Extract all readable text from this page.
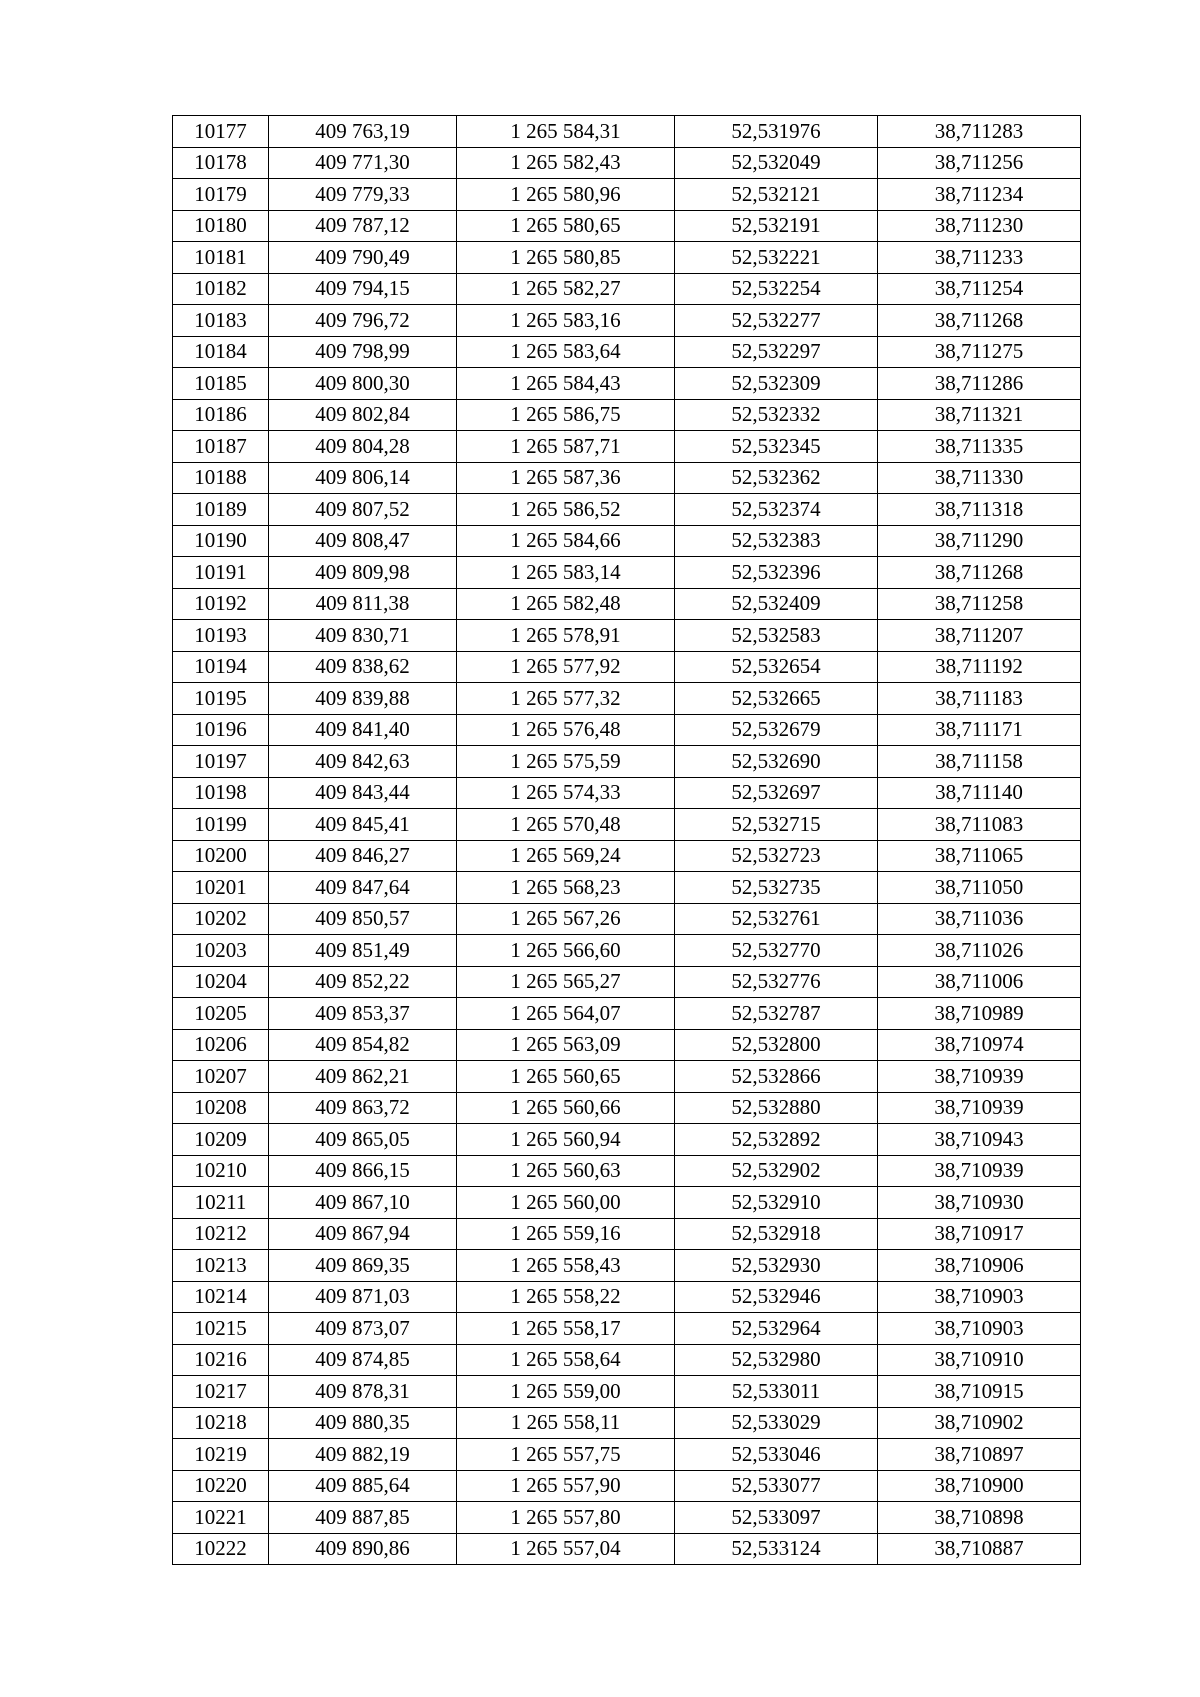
10177	409 763,19	1 265 584,31	52,531976	38,711283
10178	409 771,30	1 265 582,43	52,532049	38,711256
10179	409 779,33	1 265 580,96	52,532121	38,711234
10180	409 787,12	1 265 580,65	52,532191	38,711230
10181	409 790,49	1 265 580,85	52,532221	38,711233
10182	409 794,15	1 265 582,27	52,532254	38,711254
10183	409 796,72	1 265 583,16	52,532277	38,711268
10184	409 798,99	1 265 583,64	52,532297	38,711275
10185	409 800,30	1 265 584,43	52,532309	38,711286
10186	409 802,84	1 265 586,75	52,532332	38,711321
10187	409 804,28	1 265 587,71	52,532345	38,711335
10188	409 806,14	1 265 587,36	52,532362	38,711330
10189	409 807,52	1 265 586,52	52,532374	38,711318
10190	409 808,47	1 265 584,66	52,532383	38,711290
10191	409 809,98	1 265 583,14	52,532396	38,711268
10192	409 811,38	1 265 582,48	52,532409	38,711258
10193	409 830,71	1 265 578,91	52,532583	38,711207
10194	409 838,62	1 265 577,92	52,532654	38,711192
10195	409 839,88	1 265 577,32	52,532665	38,711183
10196	409 841,40	1 265 576,48	52,532679	38,711171
10197	409 842,63	1 265 575,59	52,532690	38,711158
10198	409 843,44	1 265 574,33	52,532697	38,711140
10199	409 845,41	1 265 570,48	52,532715	38,711083
10200	409 846,27	1 265 569,24	52,532723	38,711065
10201	409 847,64	1 265 568,23	52,532735	38,711050
10202	409 850,57	1 265 567,26	52,532761	38,711036
10203	409 851,49	1 265 566,60	52,532770	38,711026
10204	409 852,22	1 265 565,27	52,532776	38,711006
10205	409 853,37	1 265 564,07	52,532787	38,710989
10206	409 854,82	1 265 563,09	52,532800	38,710974
10207	409 862,21	1 265 560,65	52,532866	38,710939
10208	409 863,72	1 265 560,66	52,532880	38,710939
10209	409 865,05	1 265 560,94	52,532892	38,710943
10210	409 866,15	1 265 560,63	52,532902	38,710939
10211	409 867,10	1 265 560,00	52,532910	38,710930
10212	409 867,94	1 265 559,16	52,532918	38,710917
10213	409 869,35	1 265 558,43	52,532930	38,710906
10214	409 871,03	1 265 558,22	52,532946	38,710903
10215	409 873,07	1 265 558,17	52,532964	38,710903
10216	409 874,85	1 265 558,64	52,532980	38,710910
10217	409 878,31	1 265 559,00	52,533011	38,710915
10218	409 880,35	1 265 558,11	52,533029	38,710902
10219	409 882,19	1 265 557,75	52,533046	38,710897
10220	409 885,64	1 265 557,90	52,533077	38,710900
10221	409 887,85	1 265 557,80	52,533097	38,710898
10222	409 890,86	1 265 557,04	52,533124	38,710887
